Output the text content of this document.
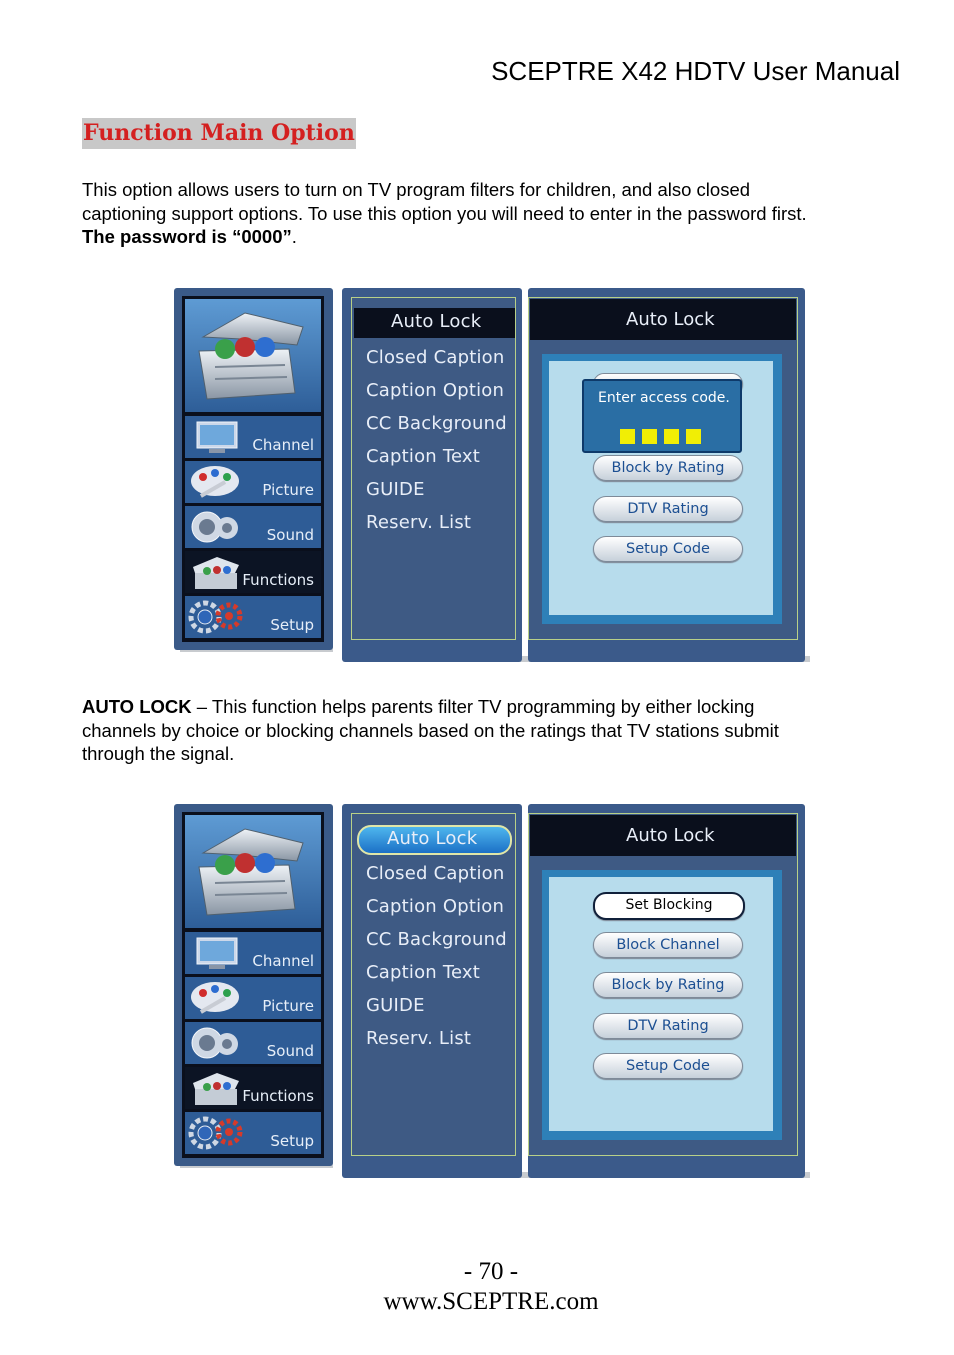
SCEPTRE X42 HDTV User Manual
Function Main Option
This option allows users to turn on TV program filters for children, and also closed
captioning support options. To use this option you will need to enter in the password first.
The password is “0000”.
Channel
Picture
Sound
Functions
Setup
Auto Lock
Closed Caption
Caption Option
CC Background
Caption Text
GUIDE
Reserv. List
Auto Lock
Enter access code.
Block by Rating
DTV Rating
Setup Code
AUTO LOCK – This function helps parents filter TV programming by either locking
channels by choice or blocking channels based on the ratings that TV stations submit
through the signal.
Channel
Picture
Sound
Functions
Setup
Auto Lock
Closed Caption
Caption Option
CC Background
Caption Text
GUIDE
Reserv. List
Auto Lock
Set Blocking
Block Channel
Block by Rating
DTV Rating
Setup Code
- 70 -
www.SCEPTRE.com
